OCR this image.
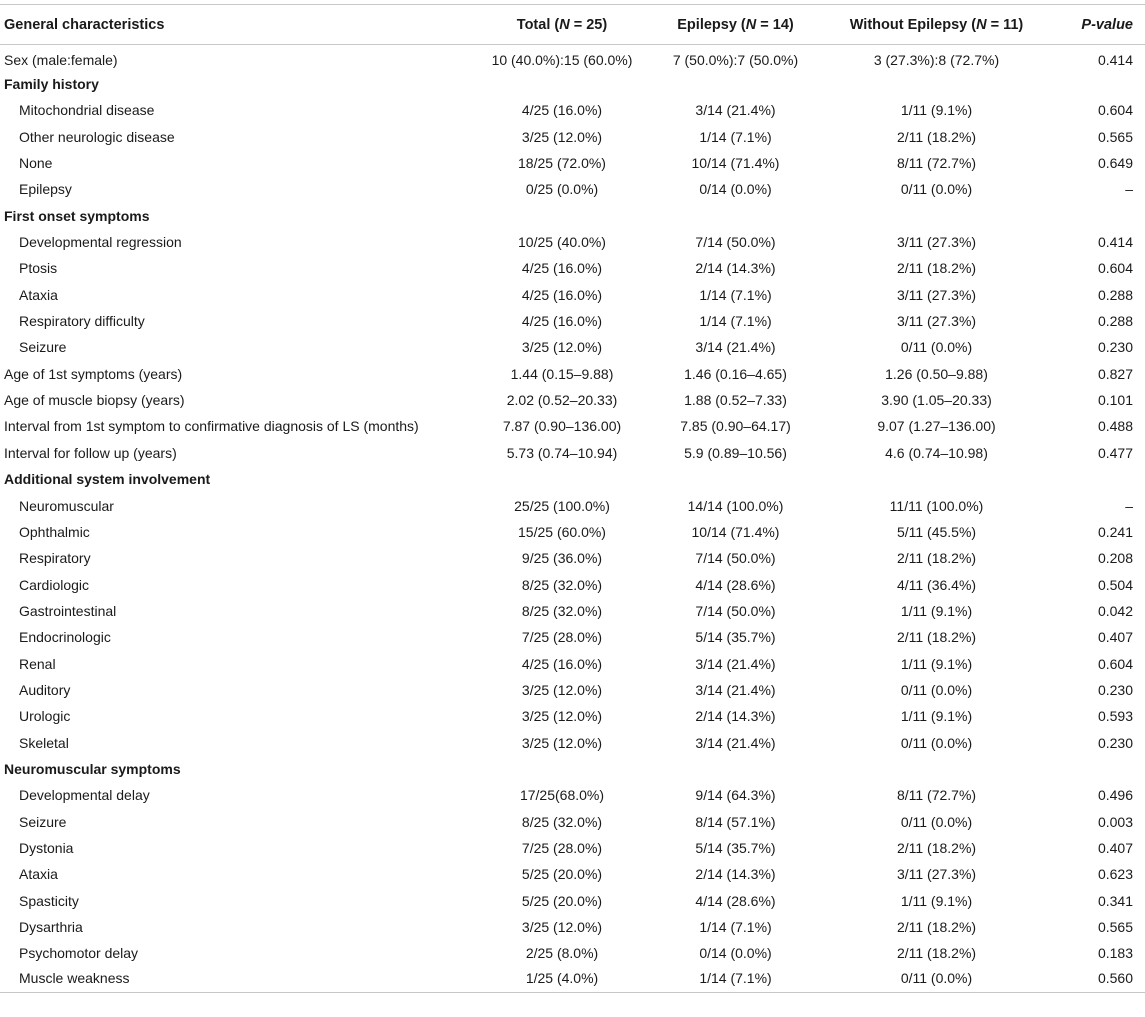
General characteristics	Total (N = 25)	Epilepsy (N = 14)	Without Epilepsy (N = 11)	P-value
Sex (male:female)	10 (40.0%):15 (60.0%)	7 (50.0%):7 (50.0%)	3 (27.3%):8 (72.7%)	0.414
Family history				
Mitochondrial disease	4/25 (16.0%)	3/14 (21.4%)	1/11 (9.1%)	0.604
Other neurologic disease	3/25 (12.0%)	1/14 (7.1%)	2/11 (18.2%)	0.565
None	18/25 (72.0%)	10/14 (71.4%)	8/11 (72.7%)	0.649
Epilepsy	0/25 (0.0%)	0/14 (0.0%)	0/11 (0.0%)	–
First onset symptoms				
Developmental regression	10/25 (40.0%)	7/14 (50.0%)	3/11 (27.3%)	0.414
Ptosis	4/25 (16.0%)	2/14 (14.3%)	2/11 (18.2%)	0.604
Ataxia	4/25 (16.0%)	1/14 (7.1%)	3/11 (27.3%)	0.288
Respiratory difficulty	4/25 (16.0%)	1/14 (7.1%)	3/11 (27.3%)	0.288
Seizure	3/25 (12.0%)	3/14 (21.4%)	0/11 (0.0%)	0.230
Age of 1st symptoms (years)	1.44 (0.15–9.88)	1.46 (0.16–4.65)	1.26 (0.50–9.88)	0.827
Age of muscle biopsy (years)	2.02 (0.52–20.33)	1.88 (0.52–7.33)	3.90 (1.05–20.33)	0.101
Interval from 1st symptom to confirmative diagnosis of LS (months)	7.87 (0.90–136.00)	7.85 (0.90–64.17)	9.07 (1.27–136.00)	0.488
Interval for follow up (years)	5.73 (0.74–10.94)	5.9 (0.89–10.56)	4.6 (0.74–10.98)	0.477
Additional system involvement				
Neuromuscular	25/25 (100.0%)	14/14 (100.0%)	11/11 (100.0%)	–
Ophthalmic	15/25 (60.0%)	10/14 (71.4%)	5/11 (45.5%)	0.241
Respiratory	9/25 (36.0%)	7/14 (50.0%)	2/11 (18.2%)	0.208
Cardiologic	8/25 (32.0%)	4/14 (28.6%)	4/11 (36.4%)	0.504
Gastrointestinal	8/25 (32.0%)	7/14 (50.0%)	1/11 (9.1%)	0.042
Endocrinologic	7/25 (28.0%)	5/14 (35.7%)	2/11 (18.2%)	0.407
Renal	4/25 (16.0%)	3/14 (21.4%)	1/11 (9.1%)	0.604
Auditory	3/25 (12.0%)	3/14 (21.4%)	0/11 (0.0%)	0.230
Urologic	3/25 (12.0%)	2/14 (14.3%)	1/11 (9.1%)	0.593
Skeletal	3/25 (12.0%)	3/14 (21.4%)	0/11 (0.0%)	0.230
Neuromuscular symptoms				
Developmental delay	17/25(68.0%)	9/14 (64.3%)	8/11 (72.7%)	0.496
Seizure	8/25 (32.0%)	8/14 (57.1%)	0/11 (0.0%)	0.003
Dystonia	7/25 (28.0%)	5/14 (35.7%)	2/11 (18.2%)	0.407
Ataxia	5/25 (20.0%)	2/14 (14.3%)	3/11 (27.3%)	0.623
Spasticity	5/25 (20.0%)	4/14 (28.6%)	1/11 (9.1%)	0.341
Dysarthria	3/25 (12.0%)	1/14 (7.1%)	2/11 (18.2%)	0.565
Psychomotor delay	2/25 (8.0%)	0/14 (0.0%)	2/11 (18.2%)	0.183
Muscle weakness	1/25 (4.0%)	1/14 (7.1%)	0/11 (0.0%)	0.560
